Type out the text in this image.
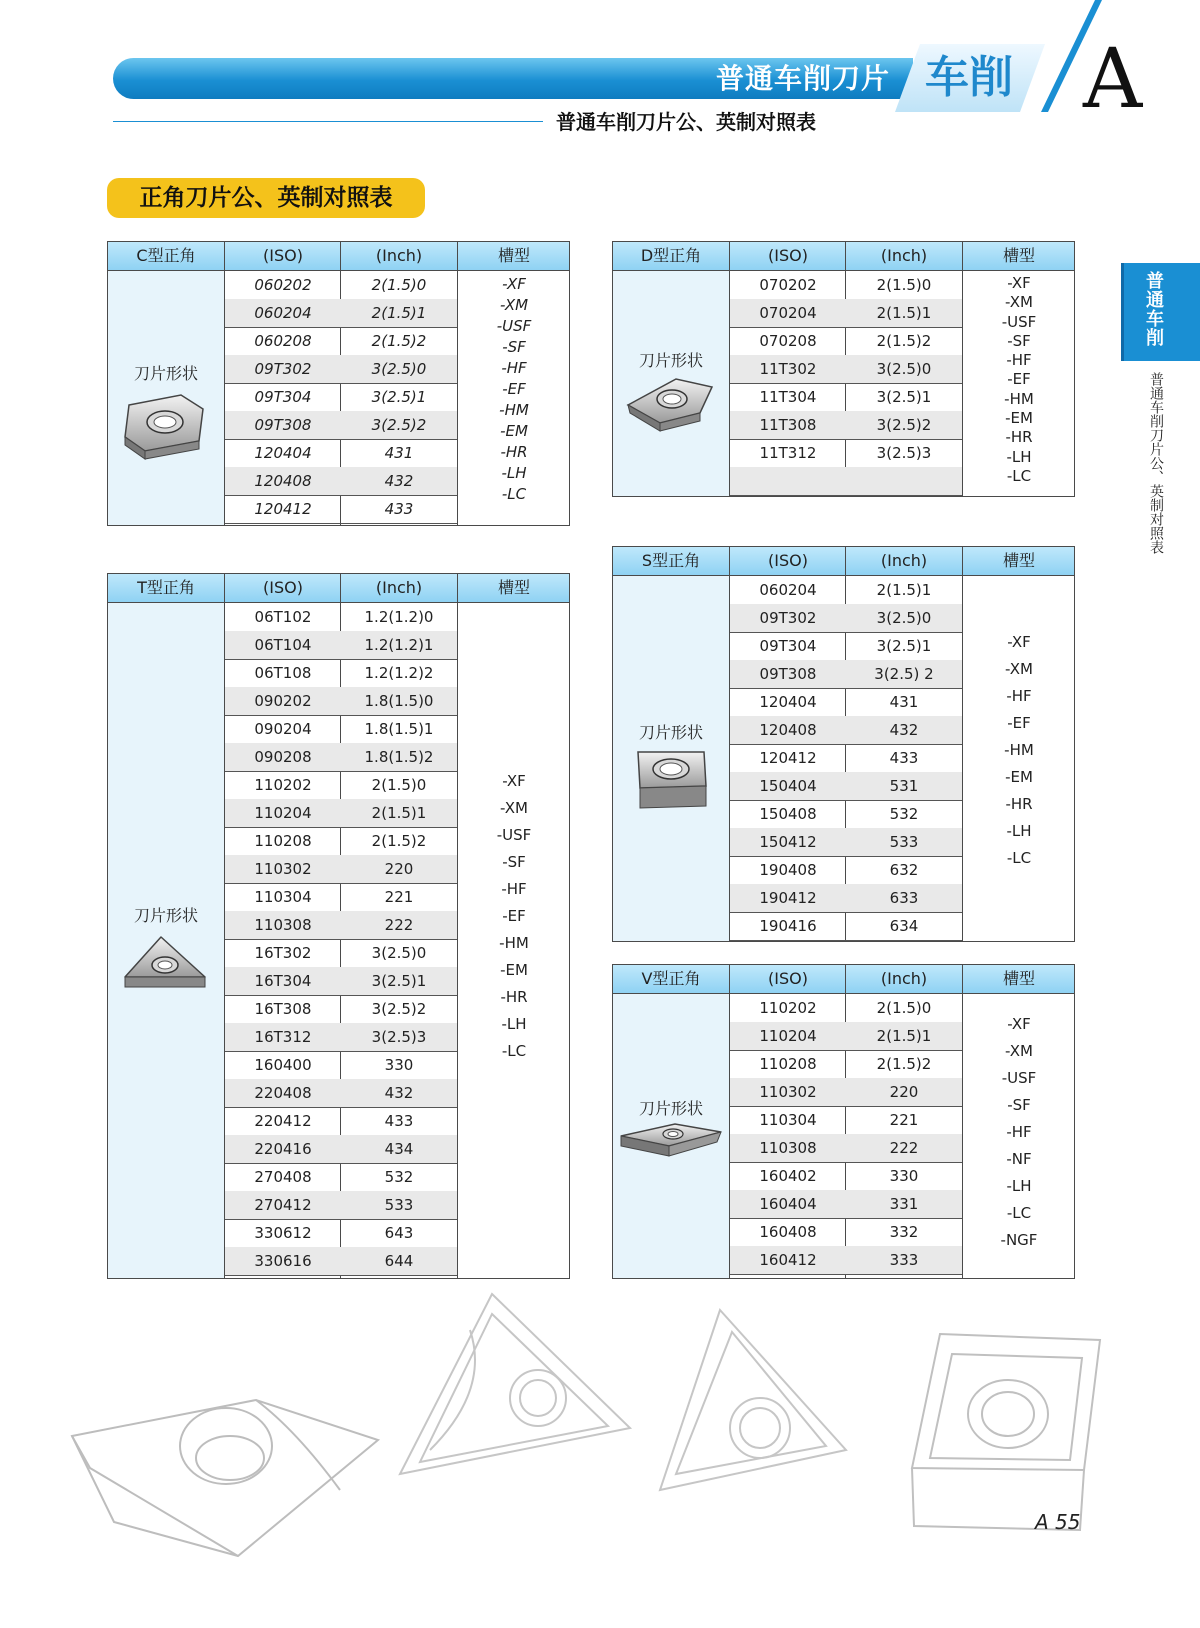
普通车削刀片 车削 A
普通车削刀片公、英制对照表
正角刀片公、英制对照表
普通车削
普通车削刀片公、英制对照表
C型正角	(ISO)	(Inch)	槽型
刀片形状
060202	2(1.5)0
060204	2(1.5)1
060208	2(1.5)2
09T302	3(2.5)0
09T304	3(2.5)1
09T308	3(2.5)2
120404	431
120408	432
120412	433
-XF
-XM
-USF
-SF
-HF
-EF
-HM
-EM
-HR
-LH
-LC
D型正角	(ISO)	(Inch)	槽型
刀片形状
070202	2(1.5)0
070204	2(1.5)1
070208	2(1.5)2
11T302	3(2.5)0
11T304	3(2.5)1
11T308	3(2.5)2
11T312	3(2.5)3
-XF
-XM
-USF
-SF
-HF
-EF
-HM
-EM
-HR
-LH
-LC
T型正角	(ISO)	(Inch)	槽型
刀片形状
06T102	1.2(1.2)0
06T104	1.2(1.2)1
06T108	1.2(1.2)2
090202	1.8(1.5)0
090204	1.8(1.5)1
090208	1.8(1.5)2
110202	2(1.5)0
110204	2(1.5)1
110208	2(1.5)2
110302	220
110304	221
110308	222
16T302	3(2.5)0
16T304	3(2.5)1
16T308	3(2.5)2
16T312	3(2.5)3
160400	330
220408	432
220412	433
220416	434
270408	532
270412	533
330612	643
330616	644
-XF
-XM
-USF
-SF
-HF
-EF
-HM
-EM
-HR
-LH
-LC
S型正角	(ISO)	(Inch)	槽型
刀片形状
060204	2(1.5)1
09T302	3(2.5)0
09T304	3(2.5)1
09T308	3(2.5) 2
120404	431
120408	432
120412	433
150404	531
150408	532
150412	533
190408	632
190412	633
190416	634
-XF
-XM
-HF
-EF
-HM
-EM
-HR
-LH
-LC
V型正角	(ISO)	(Inch)	槽型
刀片形状
110202	2(1.5)0
110204	2(1.5)1
110208	2(1.5)2
110302	220
110304	221
110308	222
160402	330
160404	331
160408	332
160412	333
-XF
-XM
-USF
-SF
-HF
-NF
-LH
-LC
-NGF
A 55
